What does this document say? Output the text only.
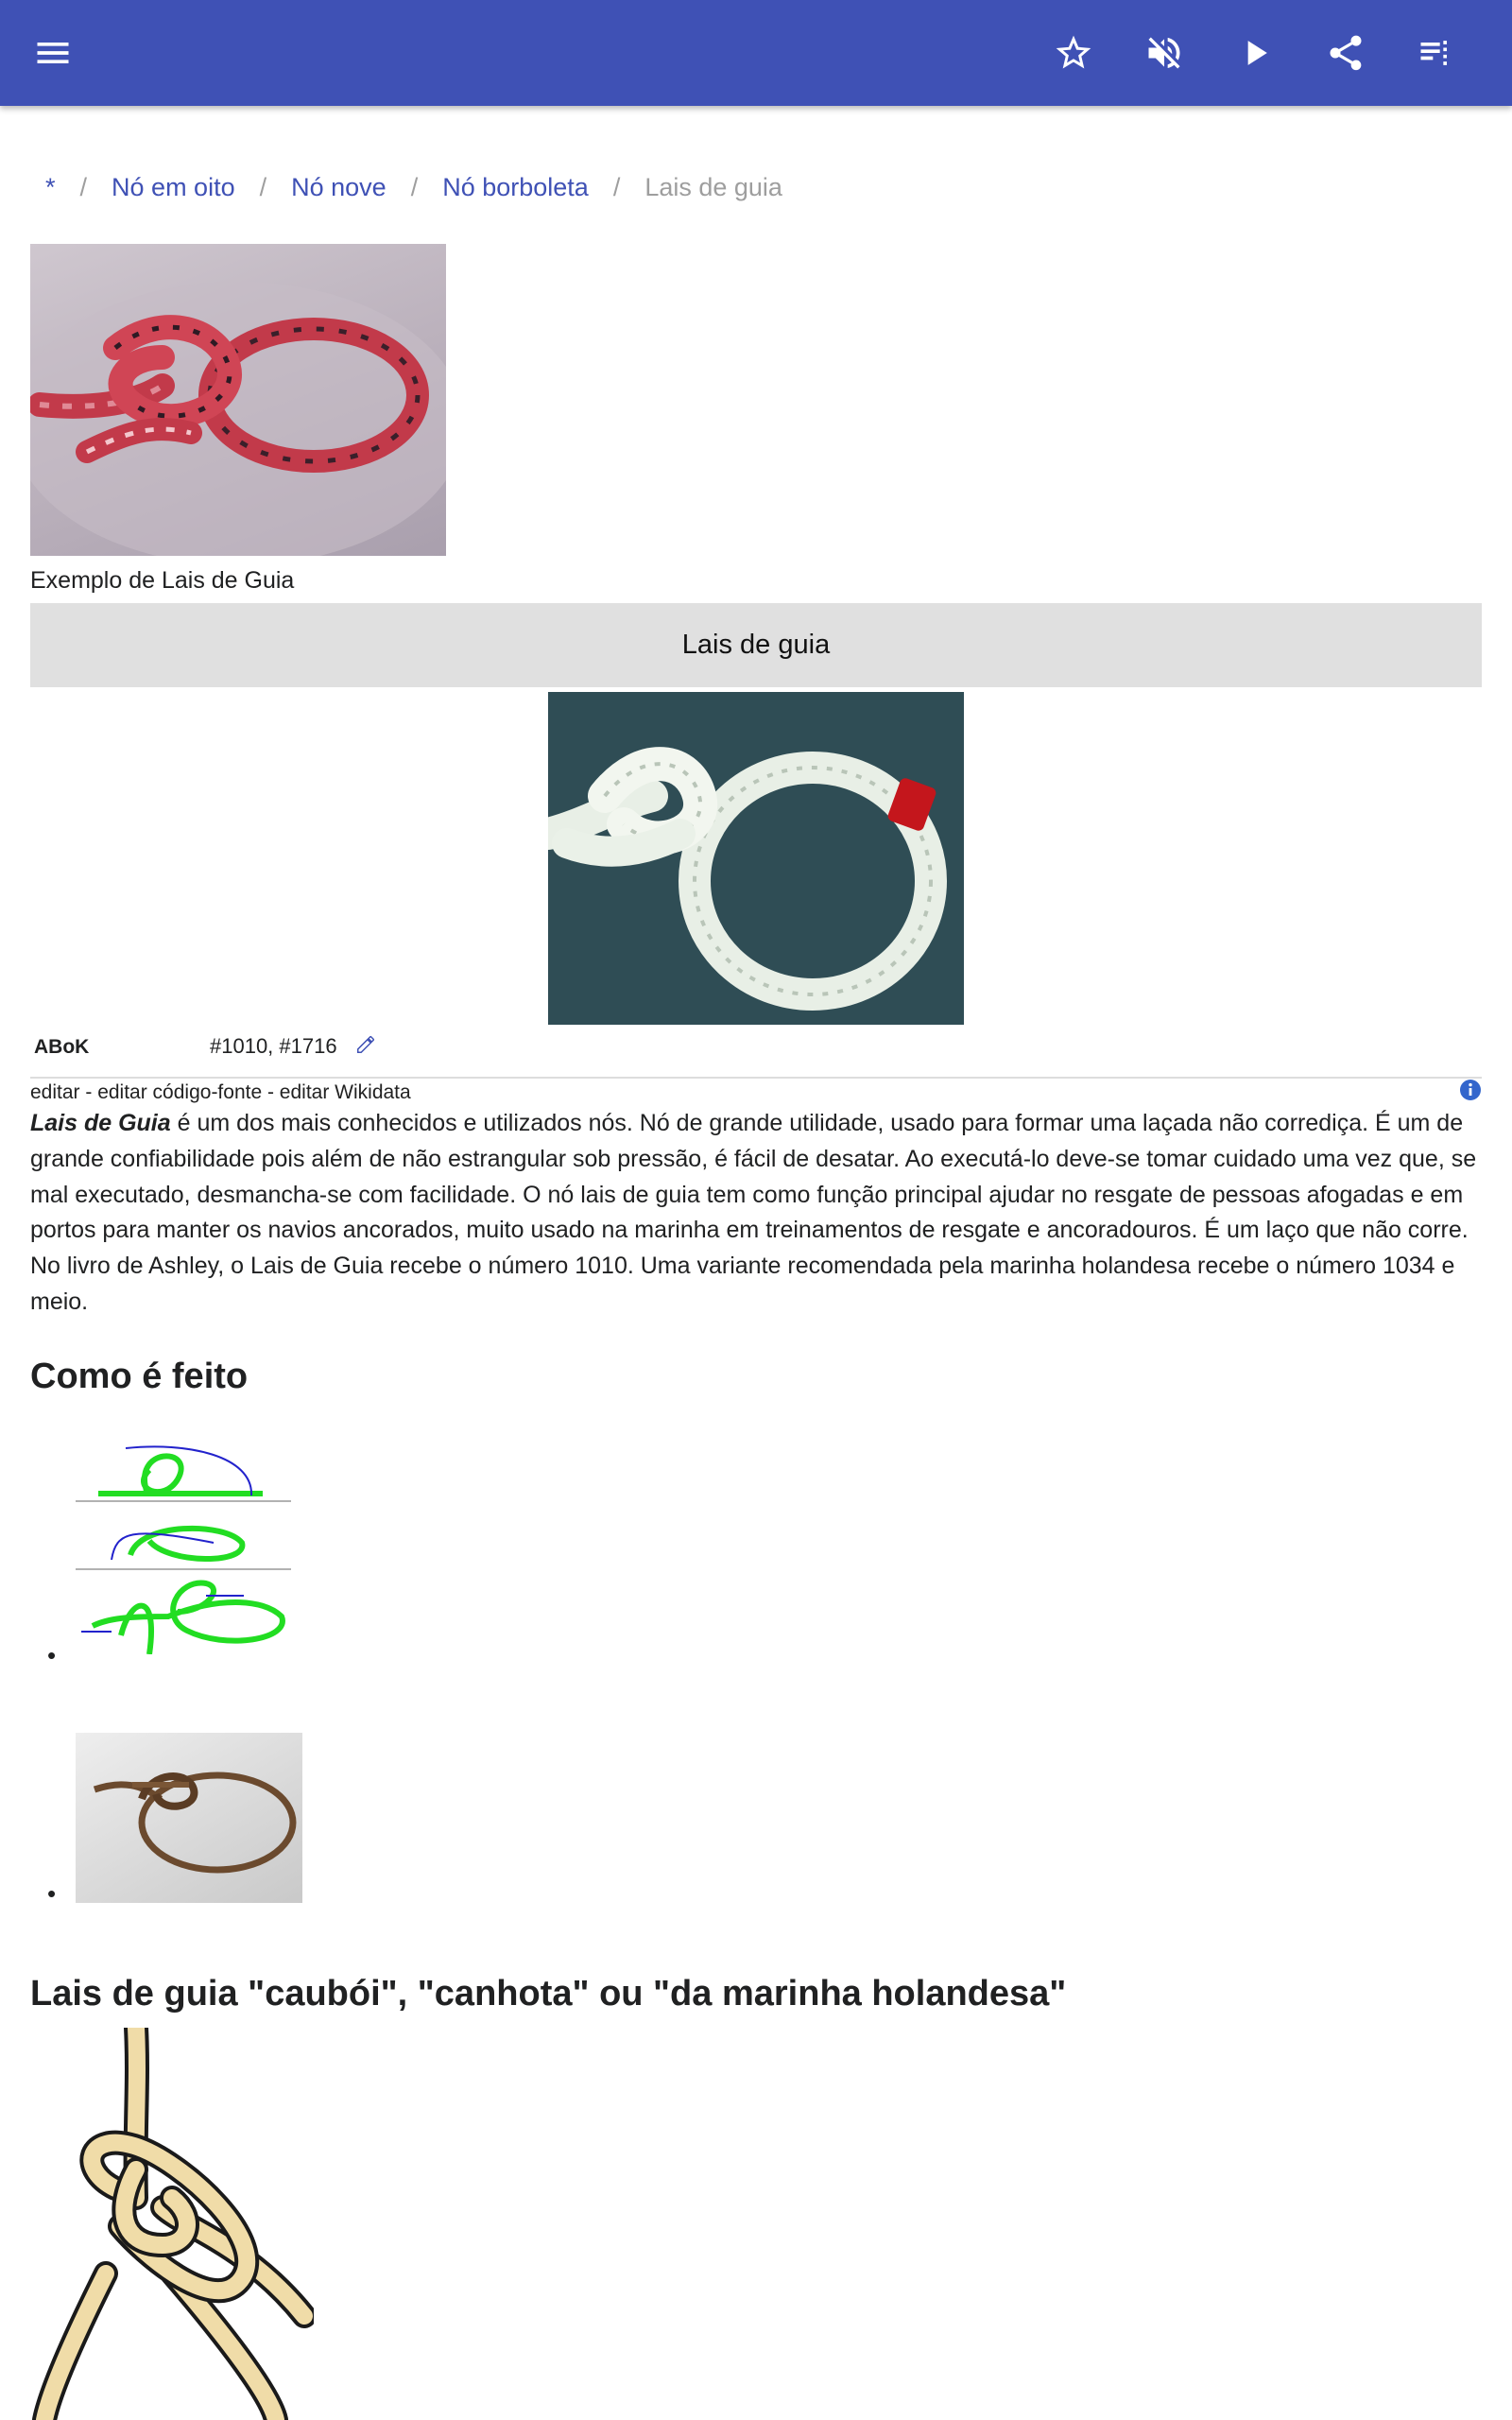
* / Nó em oito / Nó nove / Nó borboleta / Lais de guia
Exemplo de Lais de Guia
Lais de guia
ABoK	#1010, #1716
editar - editar código-fonte - editar Wikidata
Lais de Guia é um dos mais conhecidos e utilizados nós. Nó de grande utilidade, usado para formar uma laçada não corrediça. É um de grande confiabilidade pois além de não estrangular sob pressão, é fácil de desatar. Ao executá-lo deve-se tomar cuidado uma vez que, se mal executado, desmancha-se com facilidade. O nó lais de guia tem como função principal ajudar no resgate de pessoas afogadas e em portos para manter os navios ancorados, muito usado na marinha em treinamentos de resgate e ancoradouros. É um laço que não corre. No livro de Ashley, o Lais de Guia recebe o número 1010. Uma variante recomendada pela marinha holandesa recebe o número 1034 e meio.
Como é feito
•
•
Lais de guia "caubói", "canhota" ou "da marinha holandesa"
